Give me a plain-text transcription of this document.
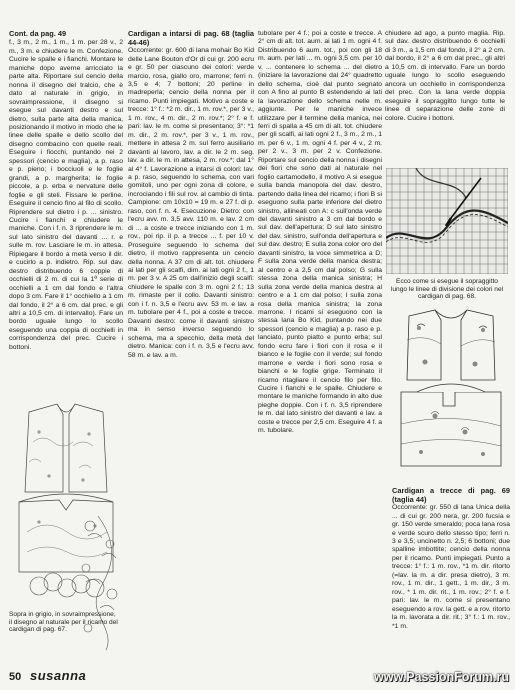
Cont. da pag. 49

f., 3 m., 2 m., 1 m., 1 m. per 28 v., 2 m., 3 m. e chiudere le m. Confezione. Cucire le spalle e i fianchi. Montare le maniche dopo averne arricciato la parte alta. Riportare sul cencio della nonna il disegno del tralcio, che è dato al naturale in grigio, in sovraimpressione, il disegno si esegue sul davanti destro e sul dietro, sulla parte alta della manica, posizionando il motivo in modo che le linee delle spalle e dello scollo del disegno combacino con quelle reali. Eseguire i fiocchi, puntando nei 2 spessori (cencio e maglia), a p. raso e p. pieno; i bocciuoli e le foglie grandi, a p. margherita; le foglie piccole, a p. erba e nervature delle foglie e gli steli. Fissare le perline. Eseguire il cencio fino al filo di scollo. Riprendere sul dietro i p. ... sinistro. Cucire i fianchi e chiudere le maniche. Con i f. n. 3 riprendere le m. sul lato sinistro del davanti ... r. e sulle m. rov. Lasciare le m. in attesa. Ripiegare il bordo a metà verso il dir. e cucirlo a p. indietro. Rip. sul dav. destro distribuendo 6 coppie di occhielli di 2 m. di cui la 1ª serie di occhielli a 1 cm dal fondo e l'altra dopo 3 cm. Fare il 1° occhiello a 1 cm dal fondo, il 2° a 6 cm. dal prec. e gli altri a 10,5 cm. di intervallo). Fare un bordo uguale lungo lo scollo eseguendo una coppia di occhielli in corrispondenza del prec. Cucire i bottoni.

Cardigan a intarsi di pag. 68 (taglia 44-46)

Occorrente: gr. 600 di lana mohair Bo Kid delle Lane Bouton d'Or di cui gr. 200 ecru e gr. 50 per ciascuno dei colori: verde marcio, rosa, giallo oro, marrone; ferri n. 3,5 e 4; 7 bottoni; 20 perline in madreperla; cencio della nonna per il ricamo. Punti impiegati. Motivo a coste e trecce: 1° f.: *2 m. dir., 1 m. rov.*, per 3 v., 1 m. rov., 4 m. dir., 2 m. rov.*; 2° f. e f. pari: lav. le m. come si presentano; 3°: *1 m. dir., 2 m. rov.*, per 3 v., 1 m. rov., mettere in attesa 2 m. sul ferro ausiliario davanti al lavoro, lav. a dir. le 2 m. seg. lav. a dir. le m. in attesa, 2 m. rov.*; dal 1° al 4° f. Lavorazione a intarsi di colori: lav. a p. raso, seguendo lo schema, con vari gomitoli, uno per ogni zona di colore, e incrociando i fili sul rov. al cambio di tinta. Campione: cm 10x10 = 19 m. e 27 f. di p. raso, con f. n. 4. Esecuzione. Dietro: con l'ecru avv. m. 3,5 avv. 110 m. e lav. 2 cm di ... a coste e trecce iniziando con 1 m. rov., poi rip. il p. a trecce ... f. per 10 v. Proseguire seguendo lo schema del dietro, il motivo rappresenta un cencio della nonna. A 37 cm di alt. tot. chiudere ai lati per gli scalfi, dim. ai lati ogni 2 f., 1 m. per 3 v. A 25 cm dall'inizio degli scalfi: chiudere le spalle con 3 m. ogni 2 f.; 13 m. rimaste per il collo. Davanti sinistro: con i f. n. 3,5 e l'ecru avv. 53 m. e lav. a m. tubolare per 4 f., poi a coste e trecce. Davanti destro: come il davanti sinistro ma in senso inverso seguendo lo schema, ma a specchio, della metà del dietro. Manica: con i f. n. 3,5 e l'ecru avv. 58 m. e lav. a m.

tubolare per 4 f.; poi a coste e trecce. A 2° cm di alt. tot. aum. ai lati 1 m. ogni 4 f. Distribuendo 6 aum. tot., poi con gli 18 m. aum. per lati ... m. ogni 3,5 cm. per 10 v. ... contenere lo schema ... del dietro (iniziare la lavorazione dal 24° quadretto dello schema, cioè dal punto segnato con A fino al punto B estendendo ai lati la lavorazione dello schema nelle m. aggiunte. Per le maniche invece utilizzare per il termine della manica, nei ferri di spalla a 45 cm di alt. tot. chiudere per gli scalfi, ai lati ogni 2 f., 3 m., 2 m., 1 m. per 6 v., 1 m. ogni 4 f. per 4 v., 2 m. per 2 v., 3 m. per 2 v. Confezione. Riportare sul cencio della nonna i disegni dei fiori che sono dati al naturale nel foglio cartamodello, il motivo A si esegue sulla banda manopola del dav. destro, partendo dalla linea del ricamo; i fiori B si eseguono sulla parte inferiore del dietro sinistro, allineati con A: c sull'onda verde del davanti sinistro a 3 cm dal bordo e sul dav. dell'apertura; D sul lato sinistro del dav. sinistro, sull'onda dell'apertura e sul dav. destro; E sulla zona color oro del davanti sinistro, la voce simmetrica a D; F sulla zona verde della manica destra; al centro e a 2,5 cm dal polso; G sulla stessa zona della manica sinistra; H sulla zona verde della manica destra al centro e a 1 cm dal polso; I sulla zona rosa della manica sinistra; la zona marrone. I ricami si eseguono con la stessa lana Bo Kid, puntando nei due spessori (cencio e maglia) a p. raso e p. lanciato, punto piatto e punto erba; sul fondo ecru fare i fiori con il rosa e il bianco e le foglie con il verde; sul fondo marrone e verde i fiori sono rosa e bianchi e le foglie grige. Terminato il ricamo ritagliare il cencio filo per filo. Cucire i fianchi e le spalle. Chiudere e montare le maniche formando in alto due pieghe doppie. Con i f. n. 3,5 riprendere le m. dal lato sinistro del davanti e lav. a coste e trecce per 2,5 cm. Eseguire 4 f. a m. tubolare.

chiudere ad ago, a punto maglia. Rip. sul dav. destro distribuendo 6 occhielli di 3 m., a 1,5 cm dal fondo, il 2° a 2 cm. dal bordo, il 2° a 6 cm dal prec., gli altri a 10,5 cm. di intervallo. Fare un bordo uguale lungo lo scollo eseguendo ancora un occhiello in corrispondenza del prec. Con la lana verde doppia eseguire il sopraggitto lungo tutte le linee di separazione delle zone di colore. Cucire i bottoni.

Ecco come si esegue il sopraggitto lungo le linee di divisione dei colori nel cardigan di pag. 68.

Cardigan a trecce di pag. 69 (taglia 44)

Occorrente: gr. 550 di lana Unica della ... di cui gr. 200 nera, gr. 200 fucsia e gr. 150 verde smeraldo; poca lana rosa e verde scuro dello stesso tipo; ferri n. 3 e 3,5; uncinetto n. 2,5; 6 bottoni; due spalline imbottite; cencio della nonna per il ricamo. Punti impiegati. Punto a trecce: 1° f.: 1 m. rov., *1 m. dir. ritorto (=lav. la m. a dir. presa dietro), 3 m. rov., 1 m. dir., 1 gett., 1 m. dir., 3 m. rov., * 1 m. dir. rit., 1 m. rov.; 2° f. e f. pari: lav. le m. come si presentano eseguendo a rov. la gett. e a rov. ritorto la m. lavorata a dir. rit.; 3° f.: 1 m. rov., *1 m.

Sopra in grigio, in sovraimpressione, il disegno al naturale per il ricamo del cardigan di pag. 67.
50 susanna	www.PassionForum.ru
